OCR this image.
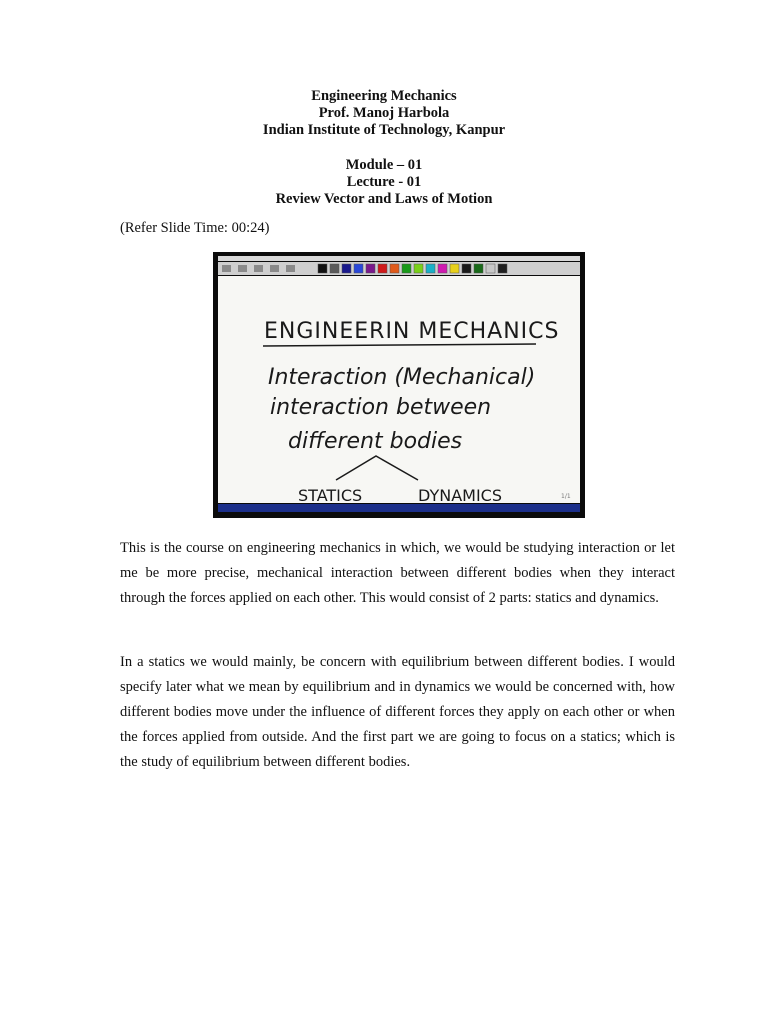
Engineering Mechanics
Prof. Manoj Harbola
Indian Institute of Technology, Kanpur
Module – 01
Lecture - 01
Review Vector and Laws of Motion
(Refer Slide Time: 00:24)
ENGINEERIN MECHANICS
Interaction (Mechanical)
interaction between
different bodies
STATICS	DYNAMICS	1/1

This is the course on engineering mechanics in which, we would be studying interaction or let me be more precise, mechanical interaction between different bodies when they interact through the forces applied on each other. This would consist of 2 parts: statics and dynamics.

In a statics we would mainly, be concern with equilibrium between different bodies. I would specify later what we mean by equilibrium and in dynamics we would be concerned with, how different bodies move under the influence of different forces they apply on each other or when the forces applied from outside. And the first part we are going to focus on a statics; which is the study of equilibrium between different bodies.
